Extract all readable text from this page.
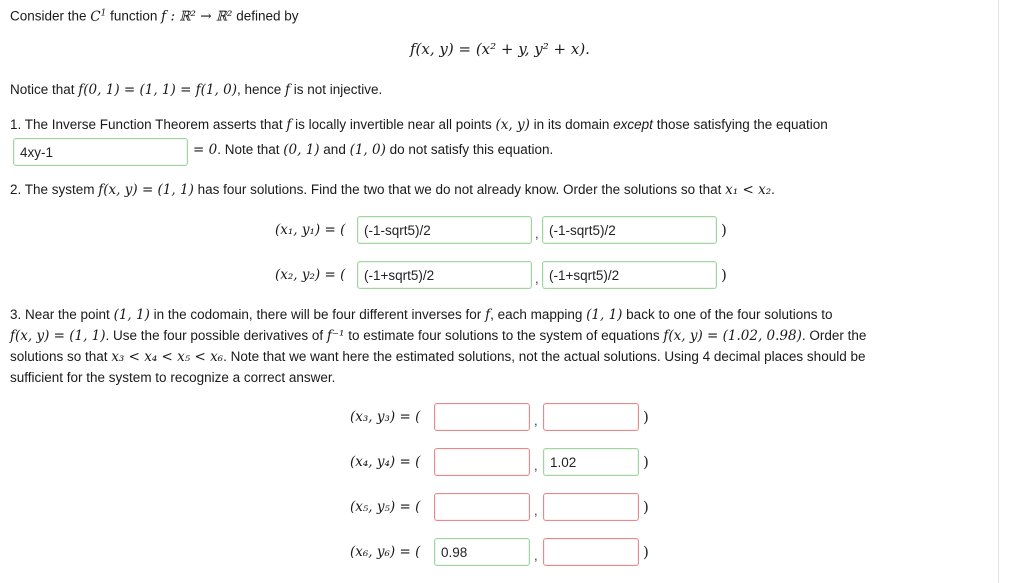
Consider the $C^1$ function f : ℝ² → ℝ² defined by
f(x, y) = (x² + y, y² + x).
Notice that f(0, 1) = (1, 1) = f(1, 0), hence f is not injective.
1. The Inverse Function Theorem asserts that f is locally invertible near all points (x, y) in its domain except those satisfying the equation
4xy-1
= 0. Note that (0, 1) and (1, 0) do not satisfy this equation.
2. The system f(x, y) = (1, 1) has four solutions. Find the two that we do not already know. Order the solutions so that x₁ < x₂.
(x₁, y₁) = (
(-1-sqrt5)/2	,
(-1-sqrt5)/2	)
(x₂, y₂) = (
(-1+sqrt5)/2	,
(-1+sqrt5)/2	)
3. Near the point (1, 1) in the codomain, there will be four different inverses for f, each mapping (1, 1) back to one of the four solutions to
f(x, y) = (1, 1). Use the four possible derivatives of f⁻¹ to estimate four solutions to the system of equations f(x, y) = (1.02, 0.98). Order the
solutions so that x₃ < x₄ < x₅ < x₆. Note that we want here the estimated solutions, not the actual solutions. Using 4 decimal places should be
sufficient for the system to recognize a correct answer.
(x₃, y₃) = (	,	)
(x₄, y₄) = (	,
1.02	)
(x₅, y₅) = (	,	)
(x₆, y₆) = (
0.98	,	)
